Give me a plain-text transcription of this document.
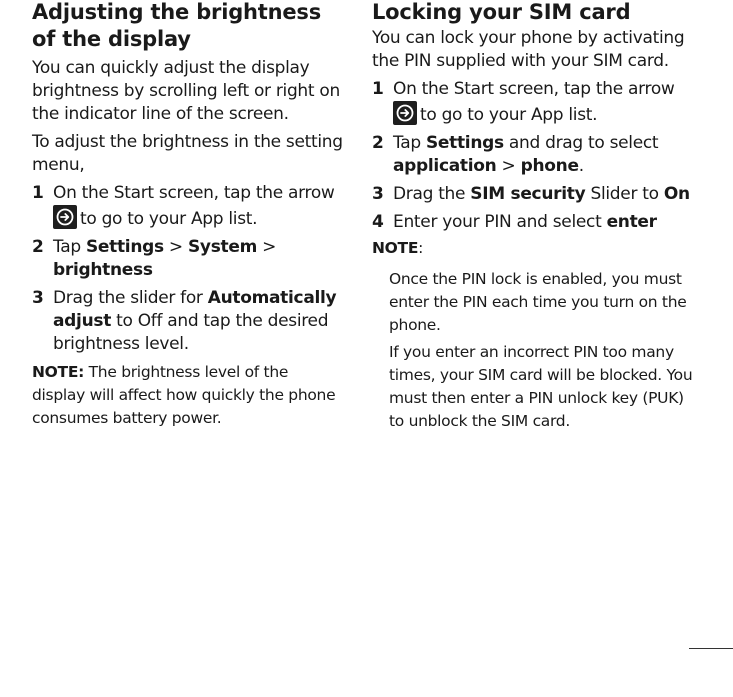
Adjusting the brightness of the display

You can quickly adjust the display brightness by scrolling left or right on the indicator line of the screen.

To adjust the brightness in the setting menu,

1 On the Start screen, tap the arrow

to go to your App list.
2 Tap Settings > System >
brightness
3 Drag the slider for Automatically adjust to Off and tap the desired brightness level.

NOTE: The brightness level of the display will affect how quickly the phone consumes battery power.

Locking your SIM card

You can lock your phone by activating the PIN supplied with your SIM card.

1 On the Start screen, tap the arrow

to go to your App list.
2 Tap Settings and drag to select
application > phone.
3 Drag the SIM security Slider to On
4 Enter your PIN and select enter

NOTE:

Once the PIN lock is enabled, you must enter the PIN each time you turn on the phone.

If you enter an incorrect PIN too many times, your SIM card will be blocked. You must then enter a PIN unlock key (PUK) to unblock the SIM card.
